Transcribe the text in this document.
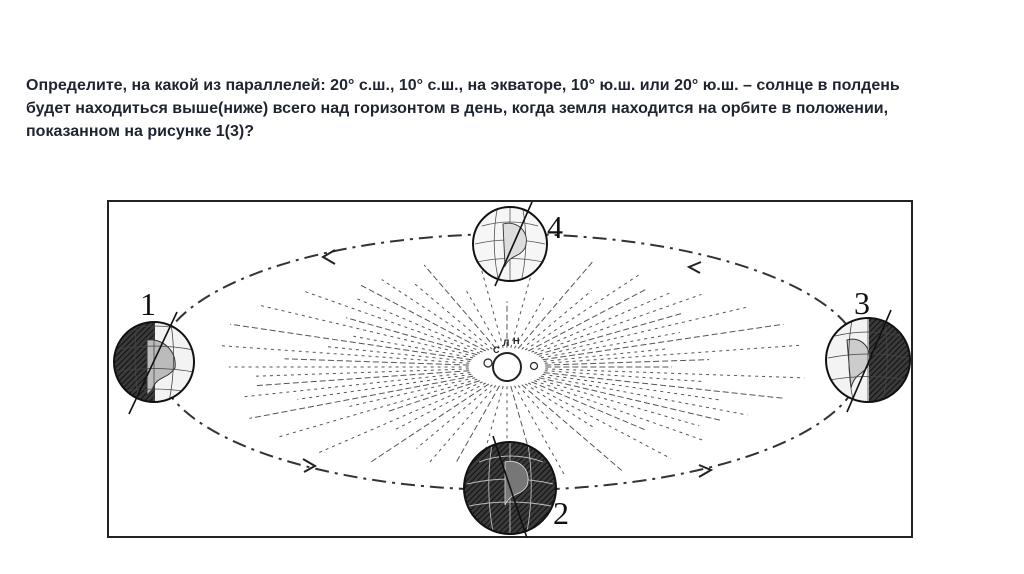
Определите, на какой из параллелей: 20° с.ш., 10° с.ш., на экваторе, 10° ю.ш. или 20° ю.ш. – солнце в полдень
будет находиться выше(ниже) всего над горизонтом в день, когда земля находится на орбите в положении,
показанном на рисунке 1(3)?
С
Л Н
1
2
3
4
